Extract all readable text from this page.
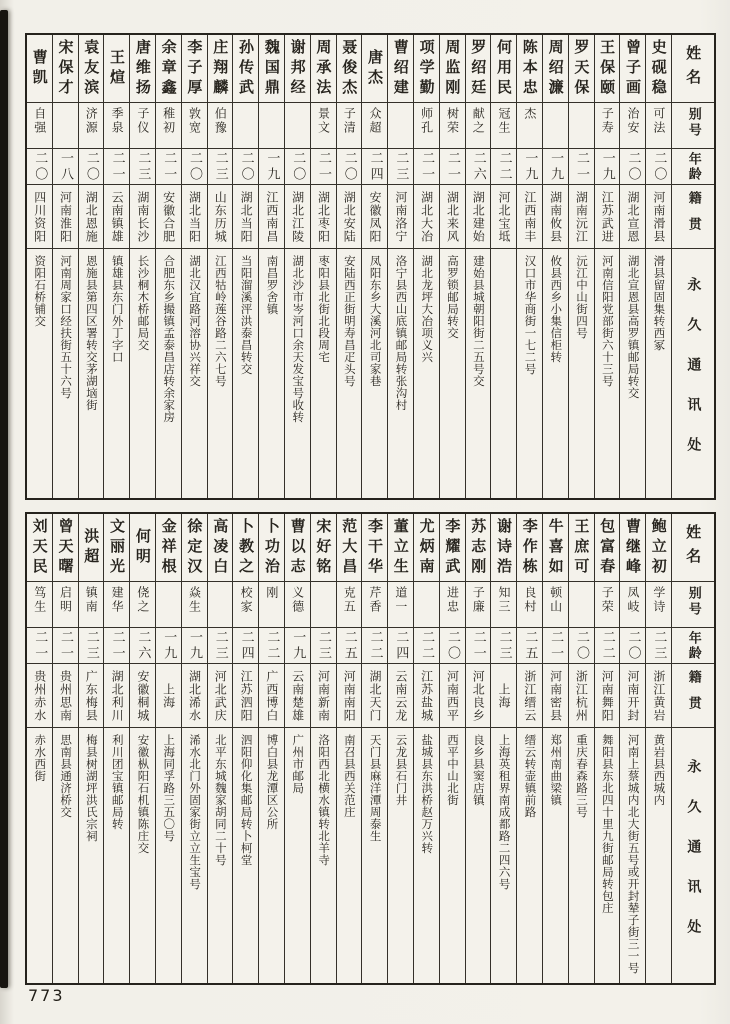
曹凯
自强
二〇
四川资阳
资阳石桥铺交
宋保才
一八
河南淮阳
河南周家口经扶街五十六号
袁友滨
济源
二〇
湖北恩施
恩施县第四区署转交茅湖垴街
王煊
季泉
二一
云南镇雄
镇雄县东门外丁字口
唐维扬
子仪
二三
湖南长沙
长沙桐木桥邮局交
余章鑫
稚初
二一
安徽合肥
合肥东乡撮镇孟泰昌店转余家房
李子厚
敦宽
二〇
湖北当阳
湖北汉宜路河溶协兴祥交
庄翔麟
伯豫
二三
山东历城
江西牯岭莲谷路二六七号
孙传武
二〇
湖北当阳
当阳溜溪泙洪泰昌转交
魏国鼎
一九
江西南昌
南昌罗舍镇
谢邦经
二〇
湖北江陵
湖北沙市岑河口余天发宝号收转
周承法
景文
二一
湖北枣阳
枣阳县北街北段周宅
聂俊杰
子清
二〇
湖北安陆
安陆西正街明寿昌疋头号
唐杰
众超
二四
安徽凤阳
凤阳东乡大溪河北司家巷
曹绍建
二三
河南洛宁
洛宁县西山底镇邮局转张沟村
项学勤
师孔
二一
湖北大冶
湖北龙坪大冶项义兴
周监刚
树荣
二一
湖北来风
高罗锁邮局转交
罗绍廷
献之
二六
湖北建始
建始县城朝阳街二五号交
何用民
冠生
二二
河北宝坻
陈本忠
杰
一九
江西南丰
汉口市华商街一七二号
周绍濂
一九
湖南攸县
攸县西乡小集信柜转
罗天保
二一
湖南沅江
沅江中山街四号
王保颐
子寿
一九
江苏武进
河南信阳党部街六十三号
曾子画
治安
二〇
湖北宣恩
湖北宣恩县高罗镇邮局转交
史砚稳
可法
二〇
河南滑县
滑县留固集转西冢
姓名
别号
年龄
籍贯
永久通讯处
刘天民
笃生
二一
贵州赤水
赤水西街
曾天曙
启明
二一
贵州思南
思南县通济桥交
洪超
镇南
二三
广东梅县
梅县树湖坪洪氏宗祠
文丽光
建华
二一
湖北利川
利川团宝镇邮局转
何明
侥之
二六
安徽桐城
安徽枞阳石机镇陈庄交
金祥根
一九
上海
上海同孚路三五〇号
徐定汉
焱生
一九
湖北浠水
浠水北门外固家街立立生宝号
高凌白
二三
河北武庆
北平东城魏家胡同二十号
卜教之
校家
二四
江苏泗阳
泗阳仰化集邮局转卜柯堂
卜功治
刚
二二
广西博白
博白县龙潭区公所
曹以志
义德
一九
云南楚雄
广州市邮局
宋好铭
二三
河南新南
洛阳西北横水镇转北羊寺
范大昌
克五
二五
河南南阳
南召县西关范庄
李干华
芹香
二二
湖北天门
天门县麻洋潭周泰生
董立生
道一
二四
云南云龙
云龙县石门井
尤炳南
二二
江苏盐城
盐城县东洪桥赵万兴转
李耀武
进忠
二〇
河南西平
西平中山北街
苏志刚
子廉
二一
河北良乡
良乡县窦店镇
谢诗浩
知三
二三
上海
上海英租界南成都路二四六号
李作栋
良村
二五
浙江缙云
缙云转壶镇前路
牛喜如
顿山
二一
河南密县
郑州南曲梁镇
王庶可
二〇
浙江杭州
重庆春森路三号
包富春
子荣
二二
河南舞阳
舞阳县东北四十里九街邮局转包庄
曹继峰
凤岐
二〇
河南开封
河南上蔡城内北大街五号或开封辇子街三一号
鲍立初
学诗
二三
浙江黄岩
黄岩县西城内
姓名
别号
年龄
籍贯
永久通讯处
773
